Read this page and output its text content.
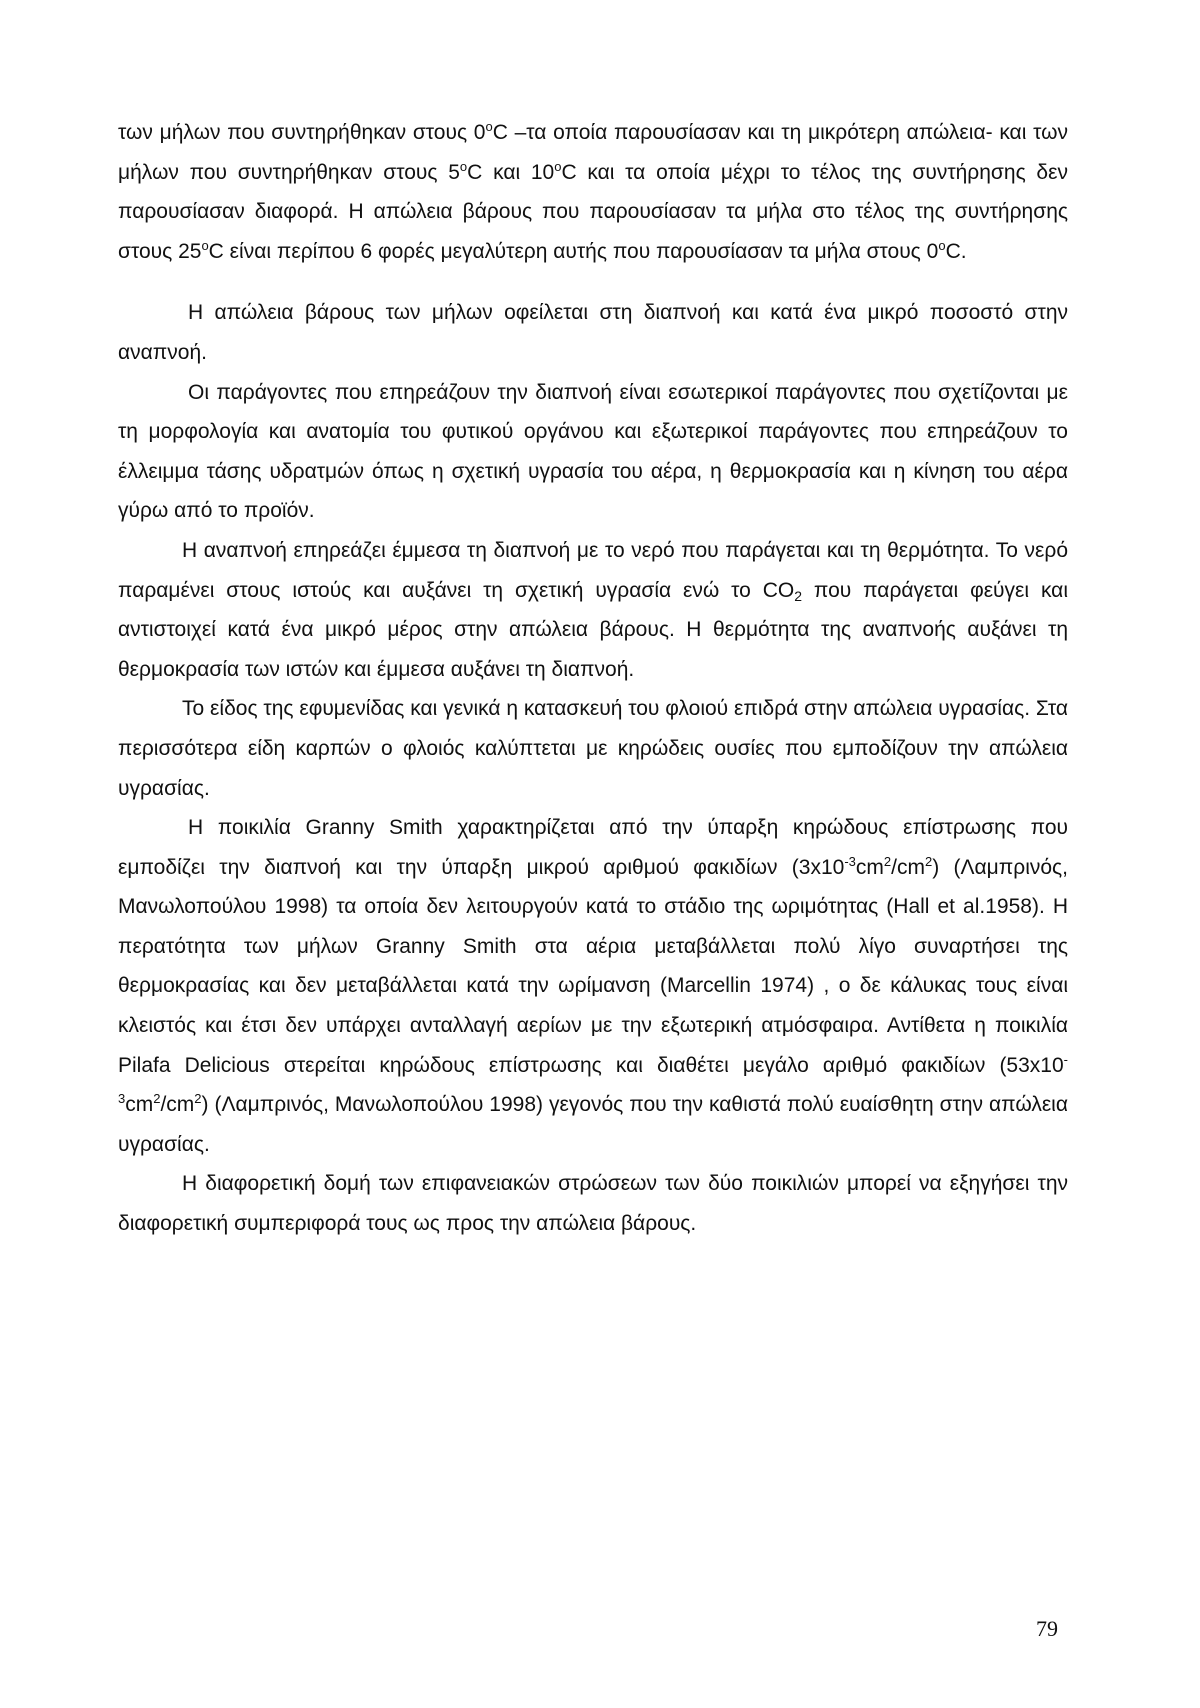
των μήλων που συντηρήθηκαν στους $0^oC$ –τα οποία παρουσίασαν και τη μικρότερη απώλεια- και των μήλων που συντηρήθηκαν στους $5^oC$ και $10^oC$ και τα οποία μέχρι το τέλος της συντήρησης δεν παρουσίασαν διαφορά. Η απώλεια βάρους που παρουσίασαν τα μήλα στο τέλος της συντήρησης στους $25^oC$ είναι περίπου 6 φορές μεγαλύτερη αυτής που παρουσίασαν τα μήλα στους $0^oC$.

Η απώλεια βάρους των μήλων οφείλεται στη διαπνοή και κατά ένα μικρό ποσοστό στην αναπνοή.

Οι παράγοντες που επηρεάζουν την διαπνοή είναι εσωτερικοί παράγοντες που σχετίζονται με τη μορφολογία και ανατομία του φυτικού οργάνου και εξωτερικοί παράγοντες που επηρεάζουν το έλλειμμα τάσης υδρατμών όπως η σχετική υγρασία του αέρα, η θερμοκρασία και η κίνηση του αέρα γύρω από το προϊόν.

Η αναπνοή επηρεάζει έμμεσα τη διαπνοή με το νερό που παράγεται και τη θερμότητα. Το νερό παραμένει στους ιστούς και αυξάνει τη σχετική υγρασία ενώ το $CO_2$ που παράγεται φεύγει και αντιστοιχεί κατά ένα μικρό μέρος στην απώλεια βάρους. Η θερμότητα της αναπνοής αυξάνει τη θερμοκρασία των ιστών και έμμεσα αυξάνει τη διαπνοή.

Το είδος της εφυμενίδας και γενικά η κατασκευή του φλοιού επιδρά στην απώλεια υγρασίας. Στα περισσότερα είδη καρπών ο φλοιός καλύπτεται με κηρώδεις ουσίες που εμποδίζουν την απώλεια υγρασίας.

Η ποικιλία Granny Smith χαρακτηρίζεται από την ύπαρξη κηρώδους επίστρωσης που εμποδίζει την διαπνοή και την ύπαρξη μικρού αριθμού φακιδίων $(3x10^{-3}cm^2/cm^2)$ (Λαμπρινός, Μανωλοπούλου 1998) τα οποία δεν λειτουργούν κατά το στάδιο της ωριμότητας (Hall et al.1958). Η περατότητα των μήλων Granny Smith στα αέρια μεταβάλλεται πολύ λίγο συναρτήσει της θερμοκρασίας και δεν μεταβάλλεται κατά την ωρίμανση (Marcellin 1974) , ο δε κάλυκας τους είναι κλειστός και έτσι δεν υπάρχει ανταλλαγή αερίων με την εξωτερική ατμόσφαιρα. Αντίθετα η ποικιλία Pilafa Delicious στερείται κηρώδους επίστρωσης και διαθέτει μεγάλο αριθμό φακιδίων $(53x10^{-3}cm^2/cm^2)$ (Λαμπρινός, Μανωλοπούλου 1998) γεγονός που την καθιστά πολύ ευαίσθητη στην απώλεια υγρασίας.

Η διαφορετική δομή των επιφανειακών στρώσεων των δύο ποικιλιών μπορεί να εξηγήσει την διαφορετική συμπεριφορά τους ως προς την απώλεια βάρους.

79
